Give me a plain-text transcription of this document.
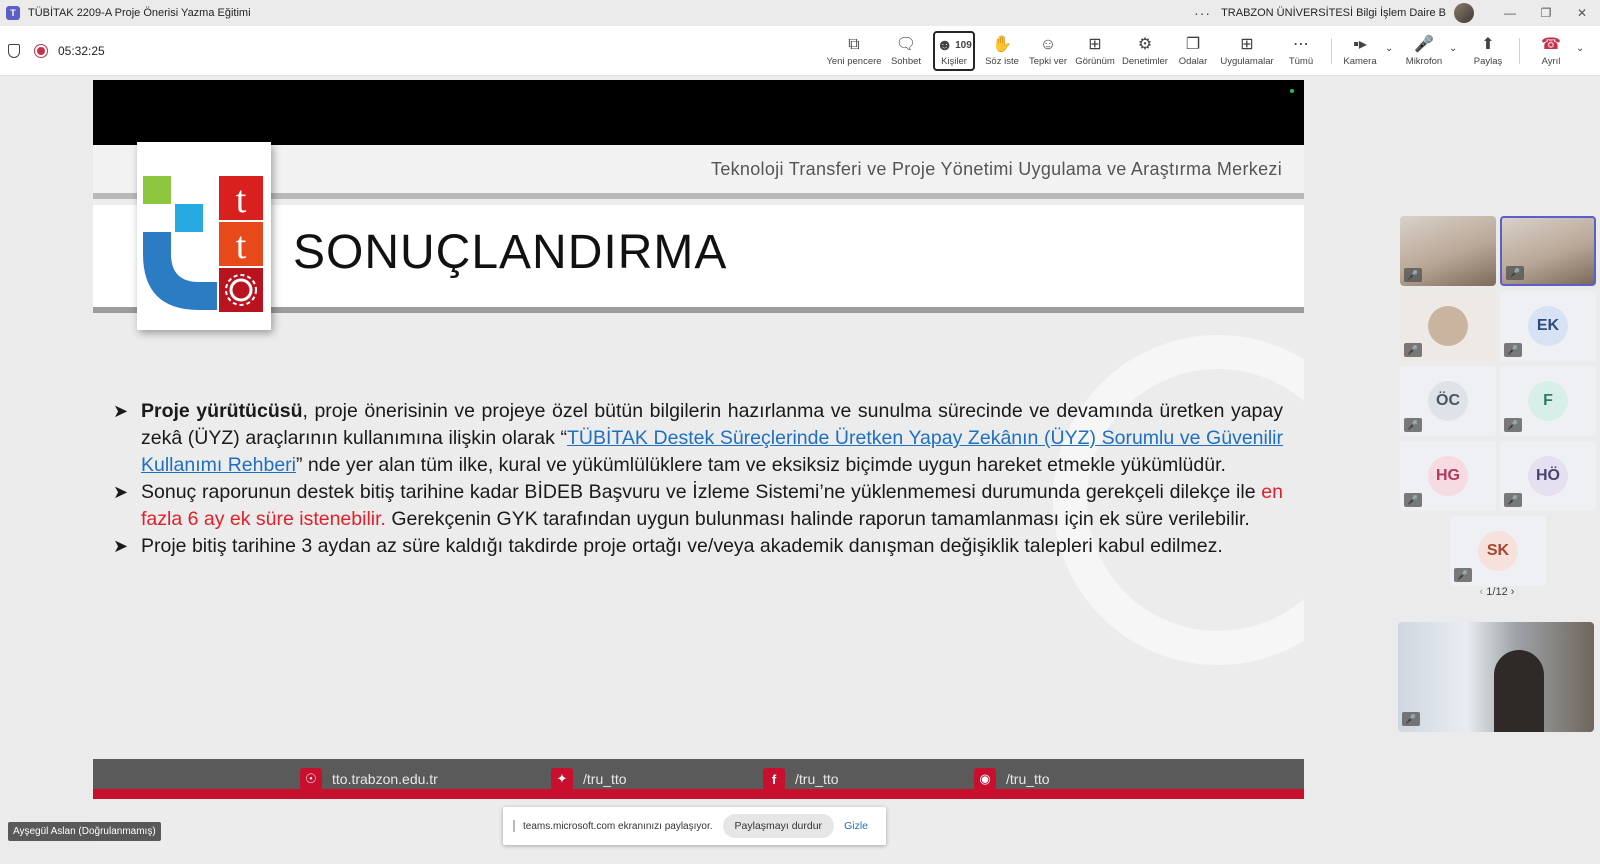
T	TÜBİTAK 2209-A Proje Önerisi Yazma Eğitimi	··· TRABZON ÜNİVERSİTESİ Bilgi İşlem Daire B	—	❐	✕
05:32:25	⧉
Yeni pencere
🗨
Sohbet
☻ 109
Kişiler
✋
Söz iste
☺
Tepki ver
⊞
Görünüm
⚙
Denetimler
❐
Odalar
⊞
Uygulamalar
⋯
Tümü
▪▸
Kamera
⌄ 🎤
Mikrofon
⌄ ⬆
Paylaş
☎
Ayrıl
⌄
Teknoloji Transferi ve Proje Yönetimi Uygulama ve Araştırma Merkezi
SONUÇLANDIRMA
t
t

➤ Proje yürütücüsü, proje önerisinin ve projeye özel bütün bilgilerin hazırlanma ve sunulma sürecinde ve devamında üretken yapay zekâ (ÜYZ) araçlarının kullanımına ilişkin olarak “TÜBİTAK Destek Süreçlerinde Üretken Yapay Zekânın (ÜYZ) Sorumlu ve Güvenilir Kullanımı Rehberi” nde yer alan tüm ilke, kural ve yükümlülüklere tam ve eksiksiz biçimde uygun hareket etmekle yükümlüdür.

➤ Sonuç raporunun destek bitiş tarihine kadar BİDEB Başvuru ve İzleme Sistemi’ne yüklenmemesi durumunda gerekçeli dilekçe ile en fazla 6 ay ek süre istenebilir. Gerekçenin GYK tarafından uygun bulunması halinde raporun tamamlanması için ek süre verilebilir.

➤ Proje bitiş tarihine 3 aydan az süre kaldığı takdirde proje ortağı ve/veya akademik danışman değişiklik talepleri kabul edilmez.

☉	tto.trabzon.edu.tr	✦	/tru_tto	f	/tru_tto	◉	/tru_tto
teams.microsoft.com ekranınızı paylaşıyor.	Paylaşmayı durdur	Gizle
Ayşegül Aslan (Doğrulanmamış)
🎤	🎤
🎤
EK
🎤
ÖC
🎤
F
🎤
HG
🎤
HÖ
🎤
SK
🎤
‹ 1/12 ›
🎤
